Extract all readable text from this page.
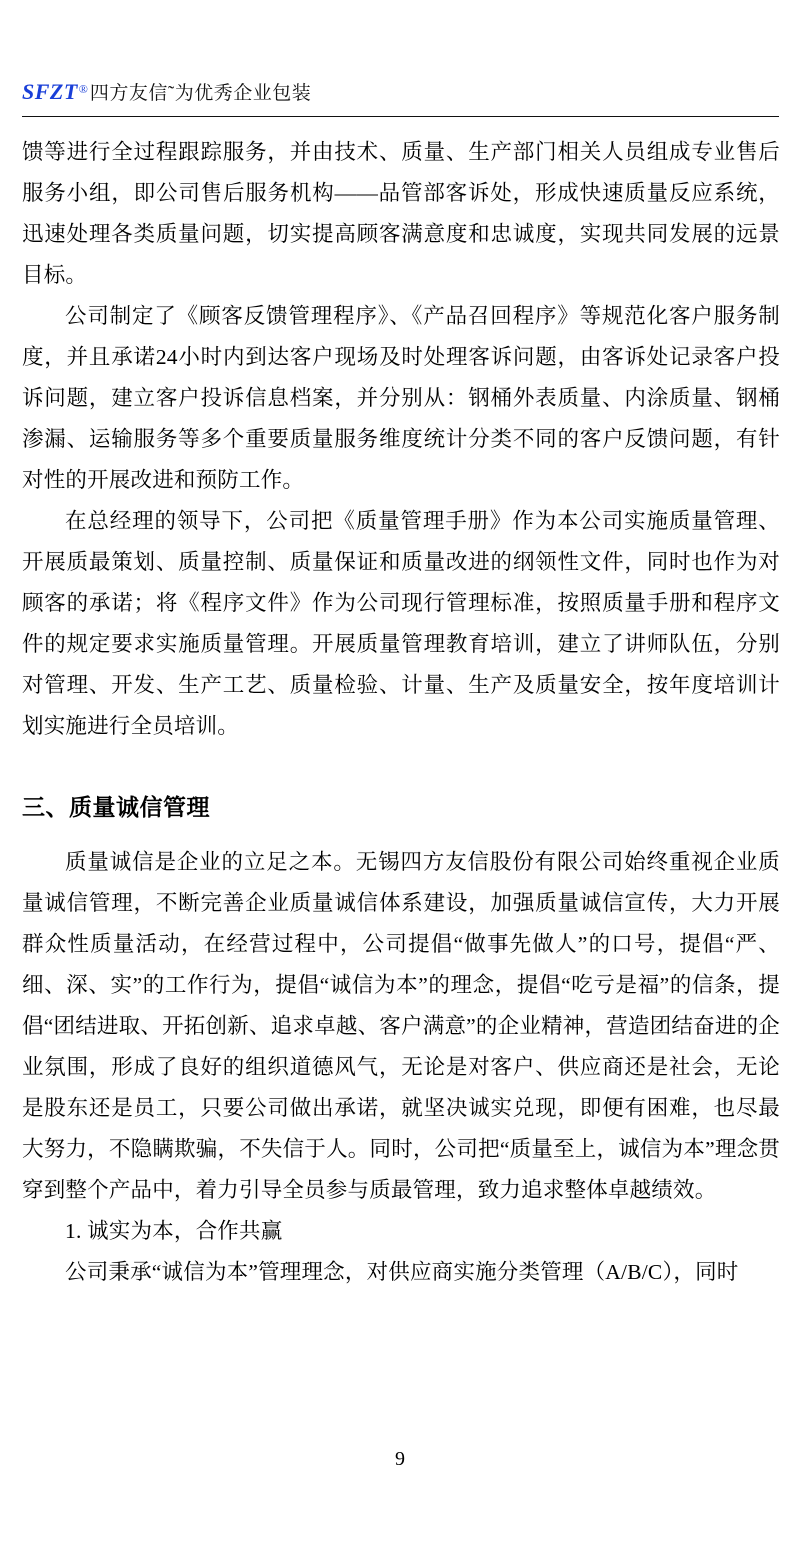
SFZT ® 四方友信˜为优秀企业包装

馈等进行全过程跟踪服务，并由技术、质量、生产部门相关人员组成专业售后服务小组，即公司售后服务机构——品管部客诉处，形成快速质量反应系统，迅速处理各类质量问题，切实提高顾客满意度和忠诚度，实现共同发展的远景目标。

公司制定了《顾客反馈管理程序》、《产品召回程序》等规范化客户服务制度，并且承诺24小时内到达客户现场及时处理客诉问题，由客诉处记录客户投诉问题，建立客户投诉信息档案，并分别从：钢桶外表质量、内涂质量、钢桶渗漏、运输服务等多个重要质量服务维度统计分类不同的客户反馈问题，有针对性的开展改进和预防工作。

在总经理的领导下，公司把《质量管理手册》作为本公司实施质量管理、开展质最策划、质量控制、质量保证和质量改进的纲领性文件，同时也作为对顾客的承诺；将《程序文件》作为公司现行管理标准，按照质量手册和程序文件的规定要求实施质量管理。开展质量管理教育培训，建立了讲师队伍，分别对管理、开发、生产工艺、质量检验、计量、生产及质量安全，按年度培训计划实施进行全员培训。

三、质量诚信管理

质量诚信是企业的立足之本。无锡四方友信股份有限公司始终重视企业质量诚信管理，不断完善企业质量诚信体系建设，加强质量诚信宣传，大力开展群众性质量活动，在经营过程中，公司提倡“做事先做人”的口号，提倡“严、细、深、实”的工作行为，提倡“诚信为本”的理念，提倡“吃亏是福”的信条，提倡“团结进取、开拓创新、追求卓越、客户满意”的企业精神，营造团结奋进的企业氛围，形成了良好的组织道德风气，无论是对客户、供应商还是社会，无论是股东还是员工，只要公司做出承诺，就坚决诚实兑现，即便有困难，也尽最大努力，不隐瞒欺骗，不失信于人。同时，公司把“质量至上，诚信为本”理念贯穿到整个产品中，着力引导全员参与质最管理，致力追求整体卓越绩效。

1. 诚实为本，合作共赢

公司秉承“诚信为本”管理理念，对供应商实施分类管理（A/B/C），同时

9
